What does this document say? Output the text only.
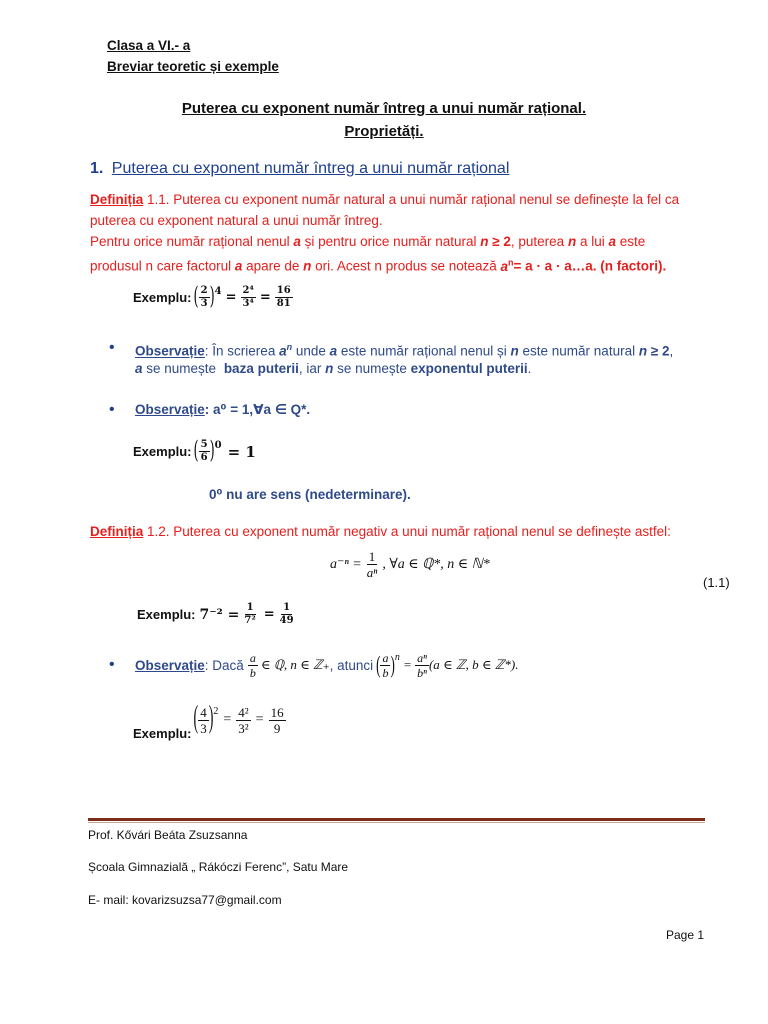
Clasa a VI.- a
Breviar teoretic și exemple
Puterea cu exponent număr întreg a unui număr rațional.
Proprietăți.
1. Puterea cu exponent număr întreg a unui număr rațional
Definiția 1.1. Puterea cu exponent număr natural a unui număr rațional nenul se definește la fel ca
puterea cu exponent natural a unui număr întreg.
Pentru orice număr rațional nenul a și pentru orice număr natural n ≥ 2, puterea n a lui a este
produsul n care factorul a apare de n ori. Acest n produs se notează $a^n= a \cdot a$ · a…a. (n factori).
Exemplu: ( $\frac{2}{3} )^4 = \frac{\text{2⁴}}{\text{3⁴}} = \frac{16}{81}$
• Observație: În scrierea $a^n$ unde a este număr rațional nenul și n este număr natural n ≥ 2,
a se numește baza puterii, iar n se numește exponentul puterii.
• Observație: a⁰ = 1,∀a ∈ Q*.
Exemplu: ( $\frac{5}{6} )^0 = 1$
0⁰ nu are sens (nedeterminare).
Definiția 1.2. Puterea cu exponent număr negativ a unui număr rațional nenul se definește astfel:
$a^{-n} = \frac{1}{\text{aⁿ}}$ , ∀a ∈ ℚ*, n ∈ ℕ*
(1.1)
Exemplu: $7^{-2} = \frac{1}{\text{7²}} = \frac{1}{49}$
• Observație : Dacă $\frac{a}{b}$ ∈ ℚ, n ∈ ℤ₊ , atunci ( $\frac{a}{b} )^n = \frac{\text{aⁿ}}{\text{bⁿ}} (a$ ∈ ℤ, b ∈ ℤ*).
Exemplu: ( $\frac{4}{3} )^2$
= $\frac{\text{4²}}{\text{3²}} = \frac{16}{9}$
Prof. Kővári Beáta Zsuzsanna
Școala Gimnazială „ Rákóczi Ferenc”, Satu Mare
E- mail: kovarizsuzsa77@gmail.com
Page 1
